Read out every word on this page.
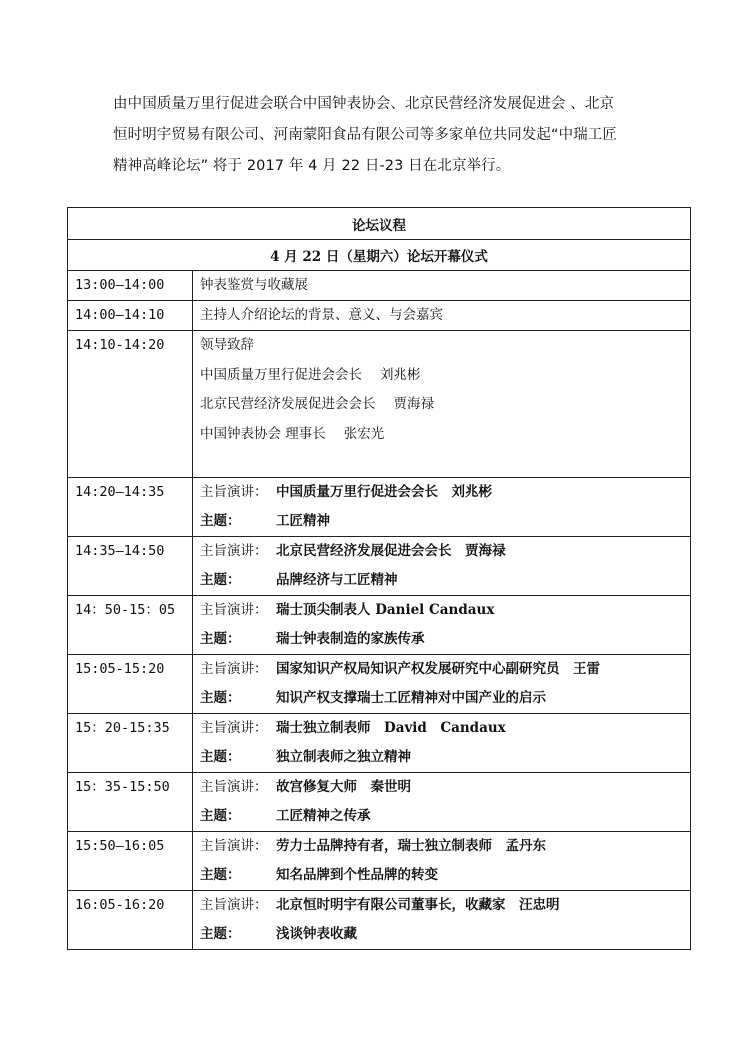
由中国质量万里行促进会联合中国钟表协会、北京民营经济发展促进会 、北京
恒时明宇贸易有限公司、河南蒙阳食品有限公司等多家单位共同发起“中瑞工匠
精神高峰论坛” 将于 2017 年 4 月 22 日-23 日在北京举行。
论坛议程	
4 月 22 日（星期六）论坛开幕仪式	
13:00—14:00	钟表鉴赏与收藏展

14:00—14:10	主持人介绍论坛的背景、意义、与会嘉宾

14:10-14:20	领导致辞
中国质量万里行促进会会长 刘兆彬
北京民营经济发展促进会会长 贾海禄
中国钟表协会 理事长 张宏光

14:20—14:35	主旨演讲： 中国质量万里行促进会会长　刘兆彬
主题： 工匠精神

14:35—14:50	主旨演讲： 北京民营经济发展促进会会长　贾海禄
主题： 品牌经济与工匠精神

14：50-15：05	主旨演讲： 瑞士顶尖制表人 Daniel Candaux
主题： 瑞士钟表制造的家族传承

15:05-15:20	主旨演讲： 国家知识产权局知识产权发展研究中心副研究员　王雷
主题： 知识产权支撑瑞士工匠精神对中国产业的启示

15：20-15:35	主旨演讲： 瑞士独立制表师　David　Candaux
主题： 独立制表师之独立精神

15：35-15:50	主旨演讲： 故宫修复大师　秦世明
主题： 工匠精神之传承

15:50—16:05	主旨演讲： 劳力士品牌持有者，瑞士独立制表师　孟丹东
主题： 知名品牌到个性品牌的转变

16:05-16:20	主旨演讲： 北京恒时明宇有限公司董事长，收藏家　汪忠明
主题： 浅谈钟表收藏
